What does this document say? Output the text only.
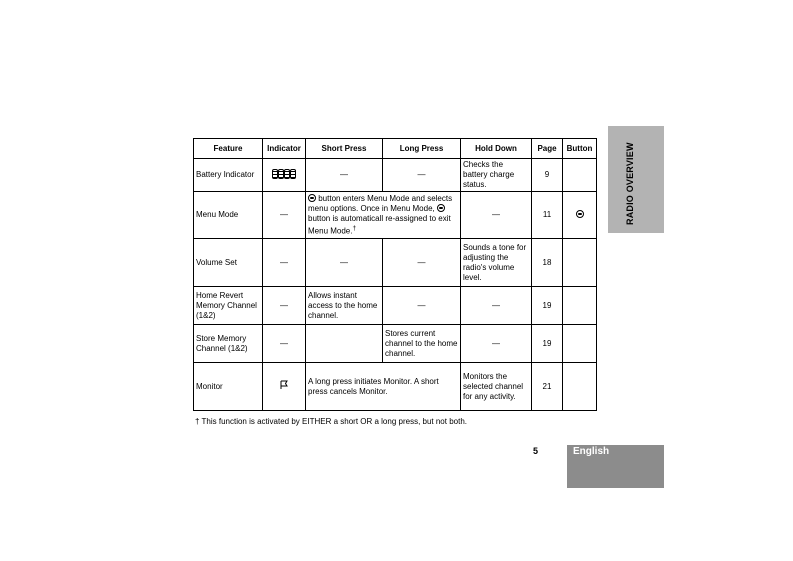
RADIO OVERVIEW
Feature	Indicator	Short Press	Long Press	Hold Down	Page	Button
Battery Indicator		—	—	Checks the battery charge status.	9	
Menu Mode	—	button enters Menu Mode and selects menu options. Once in Menu Mode,  button is automaticall re-assigned to exit Menu Mode.†		—	11	
Volume Set	—	—	—	Sounds a tone for adjusting the radio's volume level.	18	
Home Revert Memory Channel (1&2)	—	Allows instant access to the home channel.	—	—	19	
Store Memory Channel (1&2)	—		Stores current channel to the home channel.	—	19	
Monitor		A long press initiates Monitor. A short press cancels Monitor.		Monitors the selected channel for any activity.	21	
† This function is activated by EITHER a short OR a long press, but not both.
5	English
